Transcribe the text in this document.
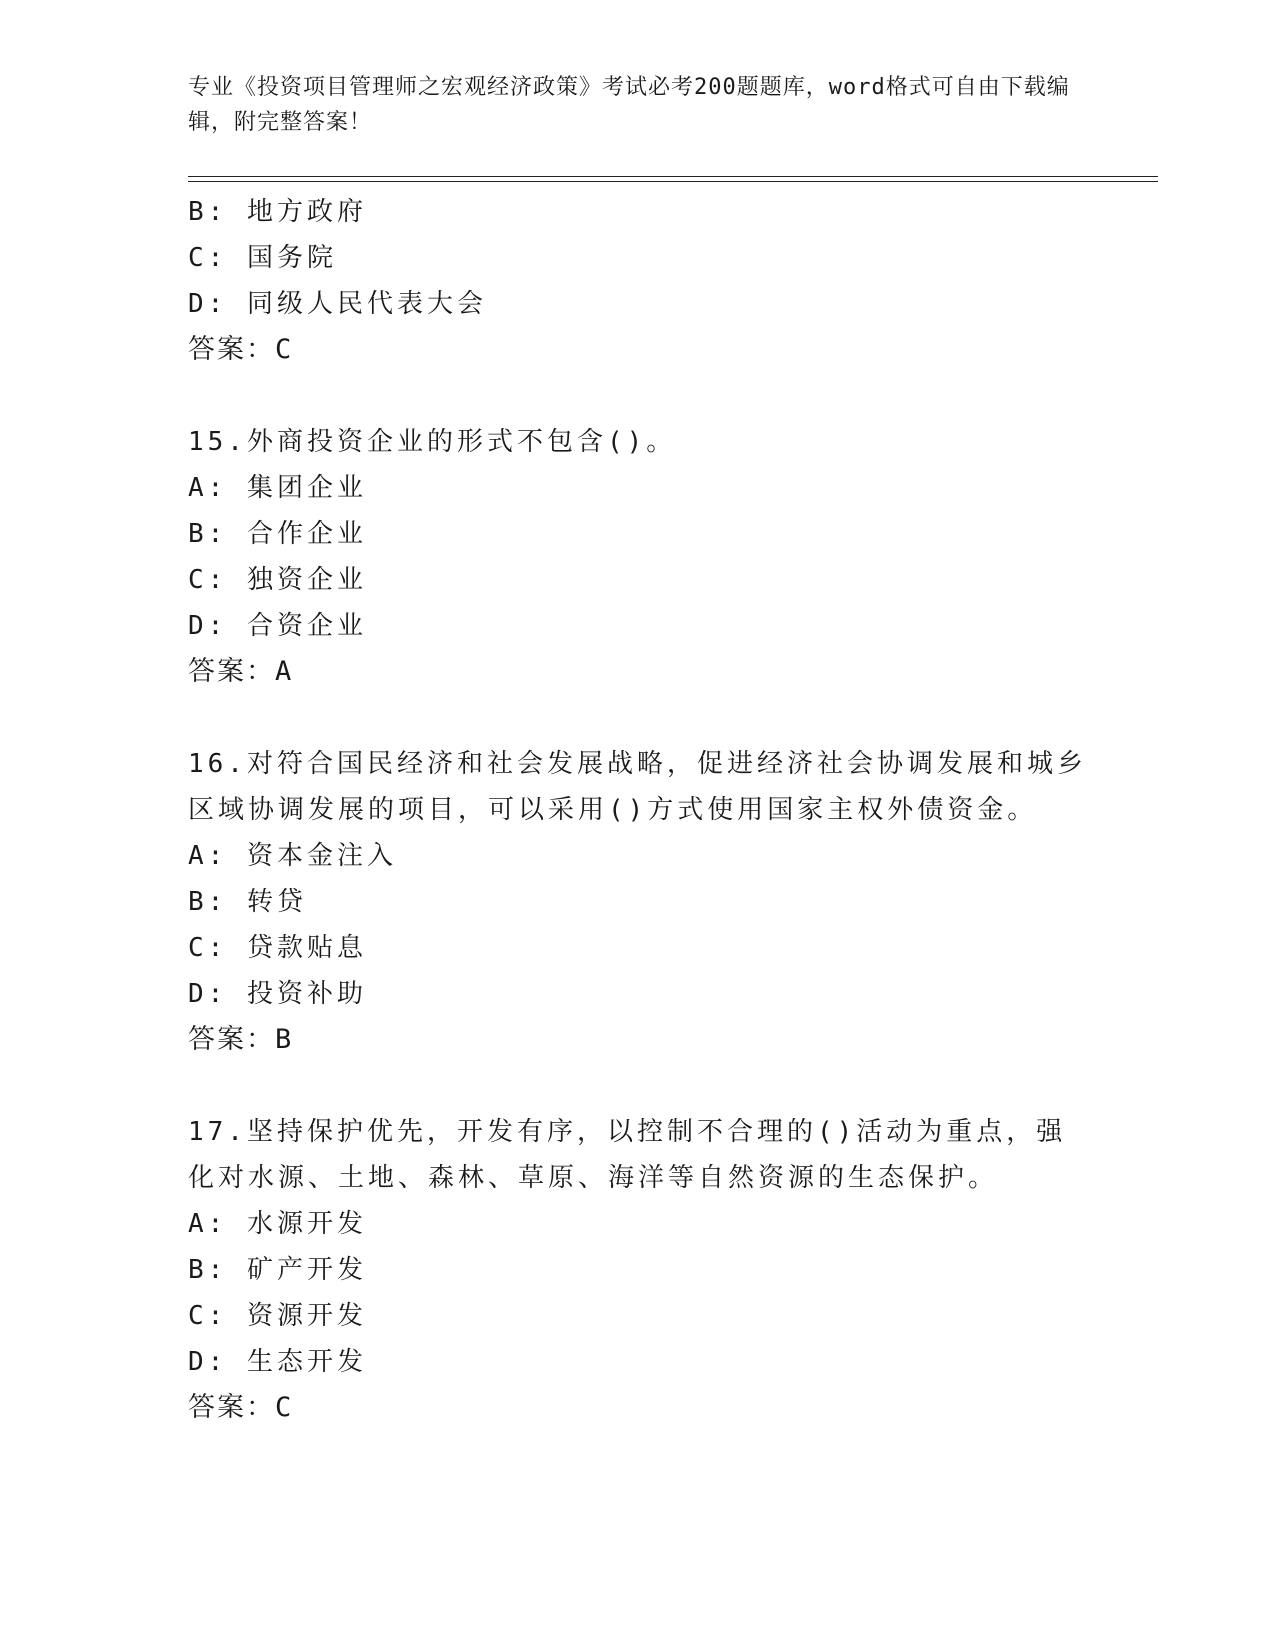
专业《投资项目管理师之宏观经济政策》考试必考200题题库，word格式可自由下载编辑，附完整答案！
B: 地方政府
C: 国务院
D: 同级人民代表大会
答案：C
15.外商投资企业的形式不包含()。
A: 集团企业
B: 合作企业
C: 独资企业
D: 合资企业
答案：A
16.对符合国民经济和社会发展战略，促进经济社会协调发展和城乡区域协调发展的项目，可以采用()方式使用国家主权外债资金。
A: 资本金注入
B: 转贷
C: 贷款贴息
D: 投资补助
答案：B
17.坚持保护优先，开发有序，以控制不合理的()活动为重点，强化对水源、土地、森林、草原、海洋等自然资源的生态保护。
A: 水源开发
B: 矿产开发
C: 资源开发
D: 生态开发
答案：C
